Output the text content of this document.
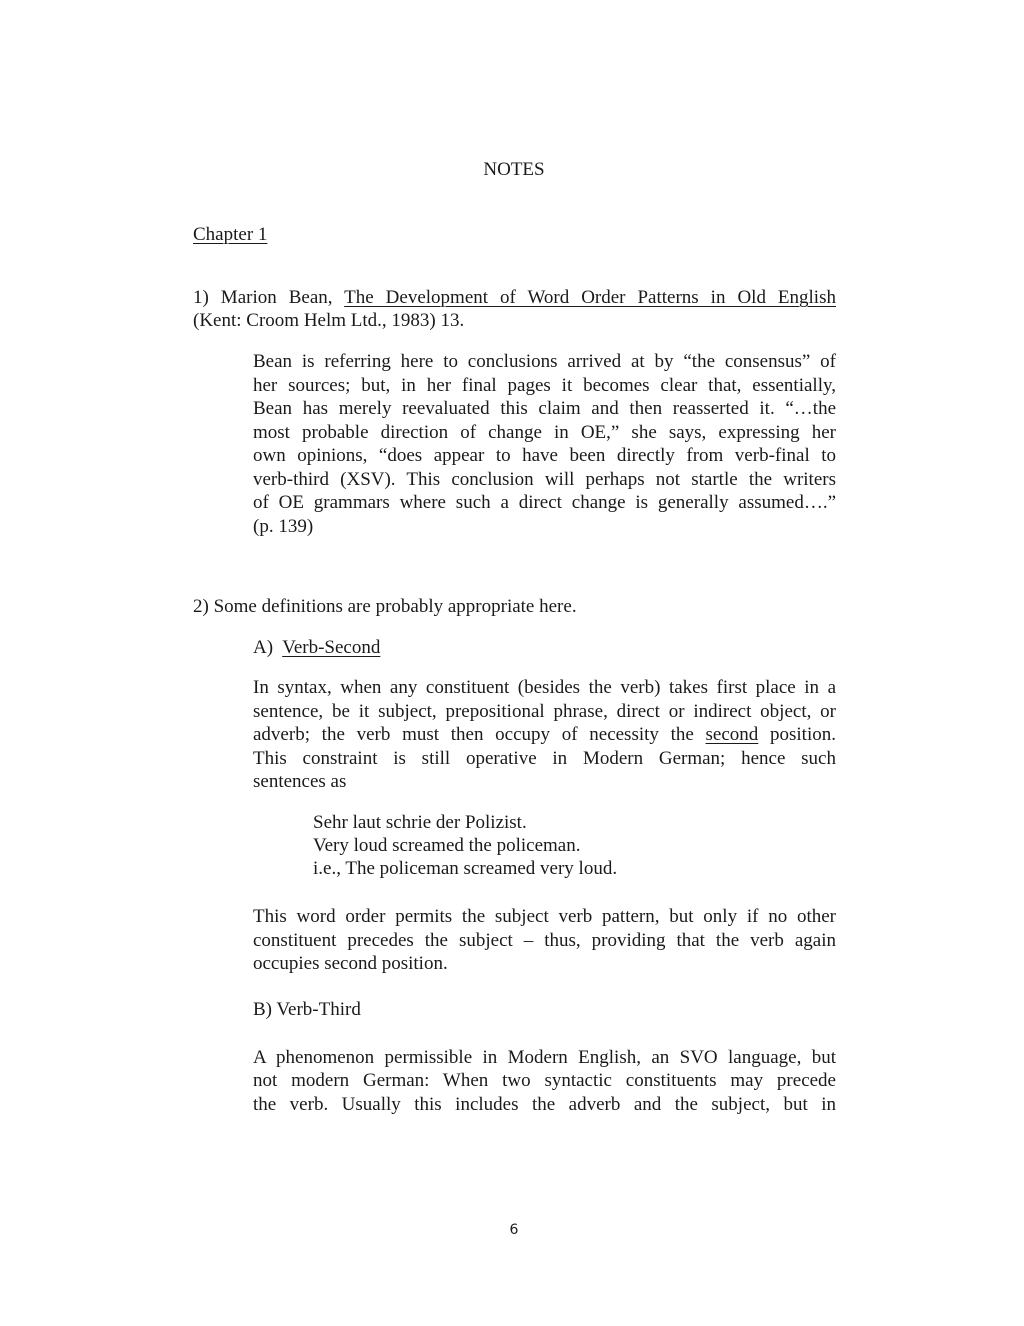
NOTES
Chapter 1
1) Marion Bean, The Development of Word Order Patterns in Old English
(Kent: Croom Helm Ltd., 1983) 13.
Bean is referring here to conclusions arrived at by “the consensus” of
her sources; but, in her final pages it becomes clear that, essentially,
Bean has merely reevaluated this claim and then reasserted it. “…the
most probable direction of change in OE,” she says, expressing her
own opinions, “does appear to have been directly from verb-final to
verb-third (XSV). This conclusion will perhaps not startle the writers
of OE grammars where such a direct change is generally assumed….”
(p. 139)
2) Some definitions are probably appropriate here.
A)  Verb-Second
In syntax, when any constituent (besides the verb) takes first place in a
sentence, be it subject, prepositional phrase, direct or indirect object, or
adverb; the verb must then occupy of necessity the second position.
This constraint is still operative in Modern German; hence such
sentences as
Sehr laut schrie der Polizist.
Very loud screamed the policeman.
i.e., The policeman screamed very loud.
This word order permits the subject verb pattern, but only if no other
constituent precedes the subject – thus, providing that the verb again
occupies second position.
B) Verb-Third
A phenomenon permissible in Modern English, an SVO language, but
not modern German: When two syntactic constituents may precede
the verb. Usually this includes the adverb and the subject, but in
6
